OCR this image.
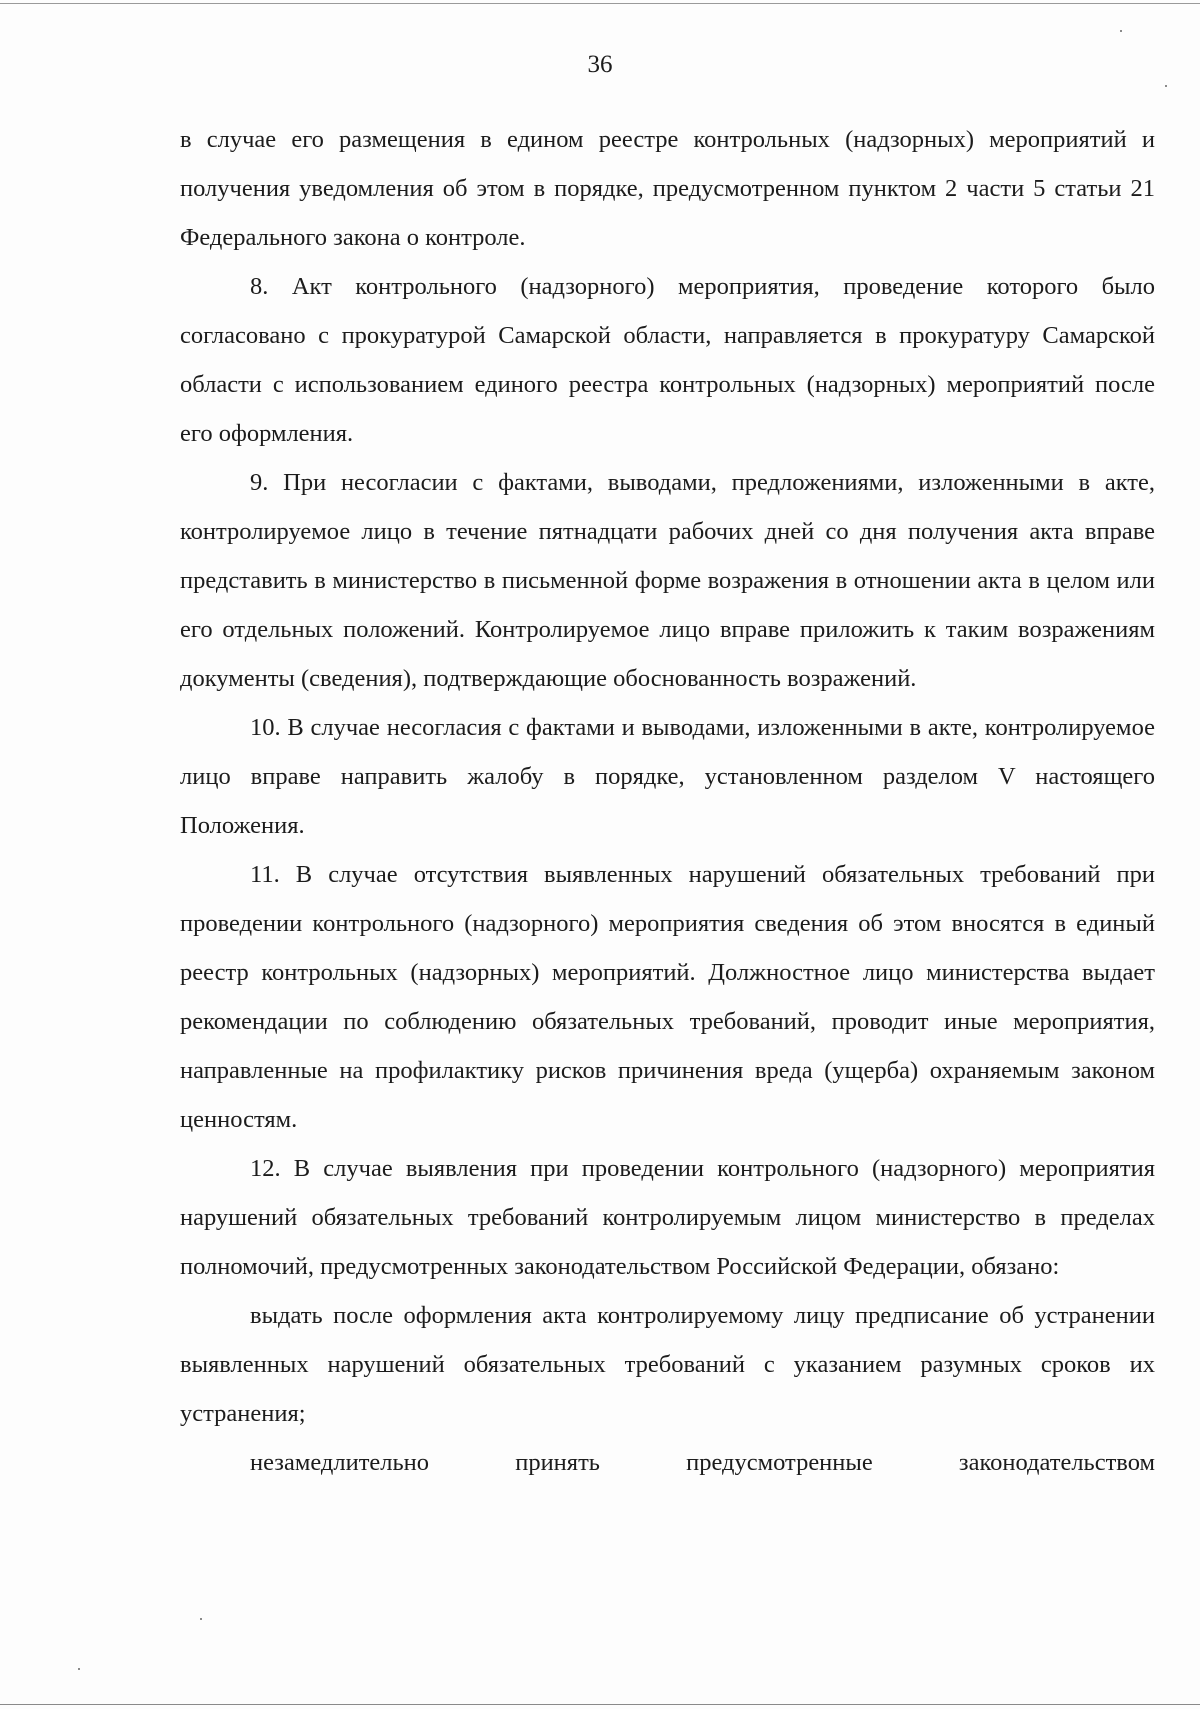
36

в случае его размещения в едином реестре контрольных (надзорных) мероприятий и получения уведомления об этом в порядке, предусмотренном пунктом 2 части 5 статьи 21 Федерального закона о контроле.

8. Акт контрольного (надзорного) мероприятия, проведение которого было согласовано с прокуратурой Самарской области, направляется в прокуратуру Самарской области с использованием единого реестра контрольных (надзорных) мероприятий после его оформления.

9. При несогласии с фактами, выводами, предложениями, изложенными в акте, контролируемое лицо в течение пятнадцати рабочих дней со дня получения акта вправе представить в министерство в письменной форме возражения в отношении акта в целом или его отдельных положений. Контролируемое лицо вправе приложить к таким возражениям документы (сведения), подтверждающие обоснованность возражений.

10. В случае несогласия с фактами и выводами, изложенными в акте, контролируемое лицо вправе направить жалобу в порядке, установленном разделом V настоящего Положения.

11. В случае отсутствия выявленных нарушений обязательных требований при проведении контрольного (надзорного) мероприятия сведения об этом вносятся в единый реестр контрольных (надзорных) мероприятий. Должностное лицо министерства выдает рекомендации по соблюдению обязательных требований, проводит иные мероприятия, направленные на профилактику рисков причинения вреда (ущерба) охраняемым законом ценностям.

12. В случае выявления при проведении контрольного (надзорного) мероприятия нарушений обязательных требований контролируемым лицом министерство в пределах полномочий, предусмотренных законодательством Российской Федерации, обязано:

выдать после оформления акта контролируемому лицу предписание об устранении выявленных нарушений обязательных требований с указанием разумных сроков их устранения;

незамедлительно принять предусмотренные законодательством
